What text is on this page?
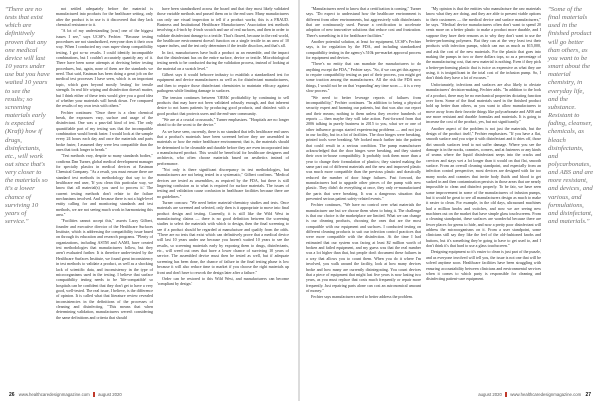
"There are no tests that exist which are definitively proven that any one medical device will last 10 years under use but you have waited 10 years to see the results; so screening materials early is expected (Kraft) how if drugs, disinfectants, etc., will work out since that's very closer to the materials so it's a lower chance of surviving 10 years of service."

not settled adequately before the material is manufactured into products for the healthcare setting, only after the product is in use is it discovered that they lack chemical resistance to it.

"A lot of my understanding [was] one of the biggest issues I see," says UCSF's Fechter. "Because testing procedures are not standardized, everyone does it their own way. When I conducted my own super-cheap compatibility testing, I got so-so results. I could identify incompatible combinations, but I couldn't accurately quantify any of it. There have been some attempts at devising better testing procedures, but, again, none of them are the standards we need. That said, Eastman has been doing a great job on the medical test processes I have seen, which is an important topic, which goes beyond mostly 'testing' for tensile strength. In real life wiping and disinfection doesn't matter, but I think either of these tests would give you a good idea of whether your materials will break down. I've compared the results of my own tests with others."

Fechter continues: "Once there is a clear chemical break, the exposures vary, surface and usage of the disinfectant. One was a pass-fail kind of test. The only quantifiable part of my testing was that the incompatible combination would break faster. I would look at the sample every 24 hours each day and once the materials and parts broke faster, I assumed they were less compatible than the ones that took longer to break."

"Test methods vary, despite so many standards bodies," confirms Dan Turner, global medical development manager for specialty plastics in medical devices at Eastman Chemical Company. "As a result, you must ensure there are standard test methods in methodology that say to the healthcare end user, 'If you clean this particular way, we know that all material(s) you used to process it.' The current testing methods don't relate to the failure mechanisms involved. And because there is not a high-level entity calling for and monitoring standards and test methods, we are not seeing much work in harmonizing this area."

"Facilities cannot accept this," asserts Larry Gilbert, founder and executive director of the Healthcare Surfaces Institute, which is addressing the compatibility issue based on through its education and research programs. "Plenty of organizations, including ASTM and AAMI, have created test methodologies that manufacturers follow, but they aren't evaluated further. It is therefore under-tested by the Healthcare Surfaces Institute, we found great inconsistency in test methods to validate a product, as well as a shocking lack of scientific data, and inconsistency in the type of microorganisms used in the testing. I believe that surface compatibility testing needs to be 'life-compatible' so hospitals can be confident that they don't get to have a very good, well-tested. The real issue, I believe, is the difference of opinion. It is called what that literature review revealed inconsistencies in the definitions of the processes of cleaning and disinfecting. "This means that when determining validation, manufacturers weren't considering the same definitions and criteria that should

have been standardized across the board and that they most likely validated those variable methods and passed them on to the end user. Many manufacturers can only use visual inspection to tell if a product works; this is a FRAUD. Business and Institutional Healthcare Manufacturers' Association test methods involving a 4-inch by 4-inch swatch and use of real surfaces, and then in order to validate disinfectant damage to a textile. That's flawed, because in the real world, the healthcare environment doesn't function on a single textile in an area of 10 square inches, and the test only determines if the textile discolors, and that's all.

In fact, manufacturers have built a product as an ensemble, and the impact that the disinfectant has on the entire surface, device or textile. Microbiological testing needs to be conducted during the validation process, instead of looking at the material on a swatch level."

Gilbert says it would behoove industry to establish a standardized test for equipment and device manufacturers as well as for disinfectant manufacturers, and then to require those disinfectant chemistries to maintain efficacy against pathogens while limiting damage to surfaces.

The tension continues between 'OEMs' profitability by continuing to sell products that may have not been validated robustly enough, and that inherent desire to not harm patients by producing good products, and disinfect with a good product that protects users and the end-user community.

"We are at a crucial crossroads," Turner emphasizes. "Hospitals are no longer afraid to do the worst to the device."

As we have seen, currently, there is no standard that tells healthcare end users that a product's materials have been screened before they are assembled in materials or how the entire healthcare environment; that is, the materials should be determined to be cleanable and durable before they are even incorporated into a manufactured product. This would be beneficial for healthcare designers and architects, who often choose materials based on aesthetics instead of performance.

"Not only is there significant discrepancy in test methodologies, but manufacturers are not being tested in a systematic," Gilbert confirms. "Medical devices are tested as assemblies, as required by the FDA, but there is still lingering confusion as to what is required for surface materials. The issues of testing and validation cause confusion in healthcare facilities because there are no guidelines."

Turner concurs: "We need better material-chemistry studies and tests. Once materials are screened and selected, only then is it appropriate to move into final product design and testing. Currently, it is still like the Wild West in manufacturing claims — there is no good definition between the screening studies to select the materials with which to design, then the final screening to see if a product should be regarded at manufacture and qualify from the odds. "There are no tests that exist which can definitively prove that a medical device will last 10 years under use because you haven't waited 10 years to see the results, so screening materials early by exposing them to drugs, disinfectants, etc., will weed out ones that have a lower chance of surviving 10 years of service. The assembled device must then be tested as well, but if adequate screening has been done, the chance of failure in the final testing phase is low because it will also reduce time to market if you choose the right materials up front and don't have to rework the design later after a failure."

Order can be restored to this Wild West, and manufacturers can become 'compliant by design.'

26 www.healthcaredesignmagazine.com august 2020

"Manufacturers need to know that a certification is coming," Turner says. "Do expect to understand how the healthcare environment is different from other environments, but aggressively with disinfectants that are continuously used. Pursue a certification to accelerate adoption of new innovative solutions that reduce cost and frustration. There's something in it for healthcare facilities."

Another potential solution, at least for equipment, UCSF's Fechter says, is for regulation by the FDA, and including standardized compatibility testing in the agency's 510k pre-market approval process for equipment and devices.

"There's no entity that can mandate the manufacturers to do anything except the FDA," Fechter says. "So, if we can get this agency to require compatibility testing as part of their process, you might get some traction among the manufacturers. All the risk the FDA now things, I would not be on that 'expanding' any time soon — it is a very slow process."

"We need to better leverage reports of failures from incompatibility," Fechter continues. "In addition to being a physical security expert and harming our patients, but that was also our report and their means; nothing to them unless they receive hundreds of reports — then maybe they will take action. Fast-forward from that 2006 talking in purely business in 2015 to you, what we or one of other influence groups started experiencing problems — and not just in our facility, but in a lot of facilities. The door hinges were breaking, printed tools were breaking. We looked much further into the patient that could result in a serious condition. The pump manufacturer acknowledged that the door hinges were breaking, and they started their own in-house compatibility. It probably took them more than a year to change their formulation of plastics; they started making the same part out of different materials and the new and improved plastic was much more compatible than the previous plastic and drastically reduced the number of door hinge failures. Fast forward, the manufacturers had to upgrade other pieces of the pump with new plastic. They didn't do everything at once, they only re-manufactured the parts that were breaking. It was a dangerous situation that prevented serious patient safety-related events."

Fechter continues, "We have no control over what materials the manufacturer use but we choose them when to bring it. The challenge is that our choice is the marketplace are limited. What we can change is our cleaning products, choosing the ones that are the most compatible with our equipment and surfaces. I conducted testing on different cleaning products to suit our infection control practices that were more compatible with the disinfection. At the time I had estimated that our system was facing at least $2 million worth of broken and failed equipment, and my guess was that the real number was a lot higher than that, but people don't document these failures in a way that allows you to count them. When you do it where I'm involved, you walk around the facility, look at how many devices broke and how many are currently disintegrating. You count devices that a piece of equipment that might last five years is now lasting two years, as you must replace that costs much frequently or repair more frequently. Just repairing parts alone can cost an astronomical amount of money."

Fechter says manufacturers need to better address the problem.

"My opinion is that the entities who manufacture the raw materials know what they are doing, and they are able to present viable options to their customers — the medical device and surface manufacturers," he says. "Medical device manufacturers often don't want to spend 20 cents more on a better plastic to make a product more durable, and I suppose they have their reasons as to why they don't want to use the better-performing polymers. But they can at the very least test their products with infection pumps, which can run as much as $15,000, and ask the cost of the new materials. For the plastic that goes into making the pumps in two or three dollars tops, so as a percentage of the manufacturing cost, that new material is nothing. Even if they pick a better-performing plastic that is twice as expensive as what they are using, it is insignificant in the total cost of the infusion pump. So, I don't think they have a lot of excuses."

Unfortunately, infections and surfaces are also likely to obviate manufacturers' decision-making, Fechter adds. "In addition to the look of a product, there may be no mechanical properties dictating function over form. Some of the final materials used in the finished product hold up better than others, as you want to allow manufacturers to move away from their favorite things like polycarbonate and ABS and use more resistant and durable formulas and materials. It is going to increase the cost of the product, yes, but not significantly."

Another aspect of the problem is not just the materials, but the design of the product itself," Fechter emphasizes. "If you have a flat, smooth surface and you wipe it with disinfectant and it dries off, those dirt smooth surfaces tend to not suffer damage. Where you see the damage is in the nooks, crannies, corners, and at fasteners or any kinds of seams where the liquid disinfectant seeps into the cracks and crevices and stays wet a lot longer than it would on that flat, smooth surface. From an overall cleaning standpoint, and especially from an infection control perspective, most devices are designed with far too many nooks and crannies that invite body fluids and blood to get sucked in and then contamination persists in those areas that are nearly impossible to clean and disinfect properly. To be fair, we have seen some improvement in some of the manufacturers of infusion pumps, but it would be great to see all manufacturers design as much to make it easier to clean. For example, in the old days, ultrasound machines had a million knobs and switches, and now we are seeing new machines out on the market that have simple glass touchscreens. From a cleaning standpoint, these surfaces are wonderful because there are fewer places for germs to hide, and now a pretty poor disinfectant will address the microorganisms on it. From a user standpoint, some clinicians still say they like the feel of the old-fashioned knobs and buttons, but it's something they're going to have to get used to, and I don't think it's that hard to use a glass touchscreen."

Designing equipment so it's easier to clean is just part of the puzzle, and as everyone involved will tell you, the issue is not one that will be solved anytime soon. Healthcare facilities have been struggling with ensuring accountability between clinicians and environmental services when it comes to which party is responsible for cleaning and disinfecting patient-care equipment.

"Some of the final materials used in the finished product will go better than others, as you want to be smart about the material chemistry, in everyday life, and the substance. Resistant to fading, cleanser, chemicals, as bleach disinfectants, and polycarbonates, and ABS and are more resistant, and devices, and various, and formulations, and disinfectant, and materials."
august 2020 www.healthcaredesignmagazine.com 27
